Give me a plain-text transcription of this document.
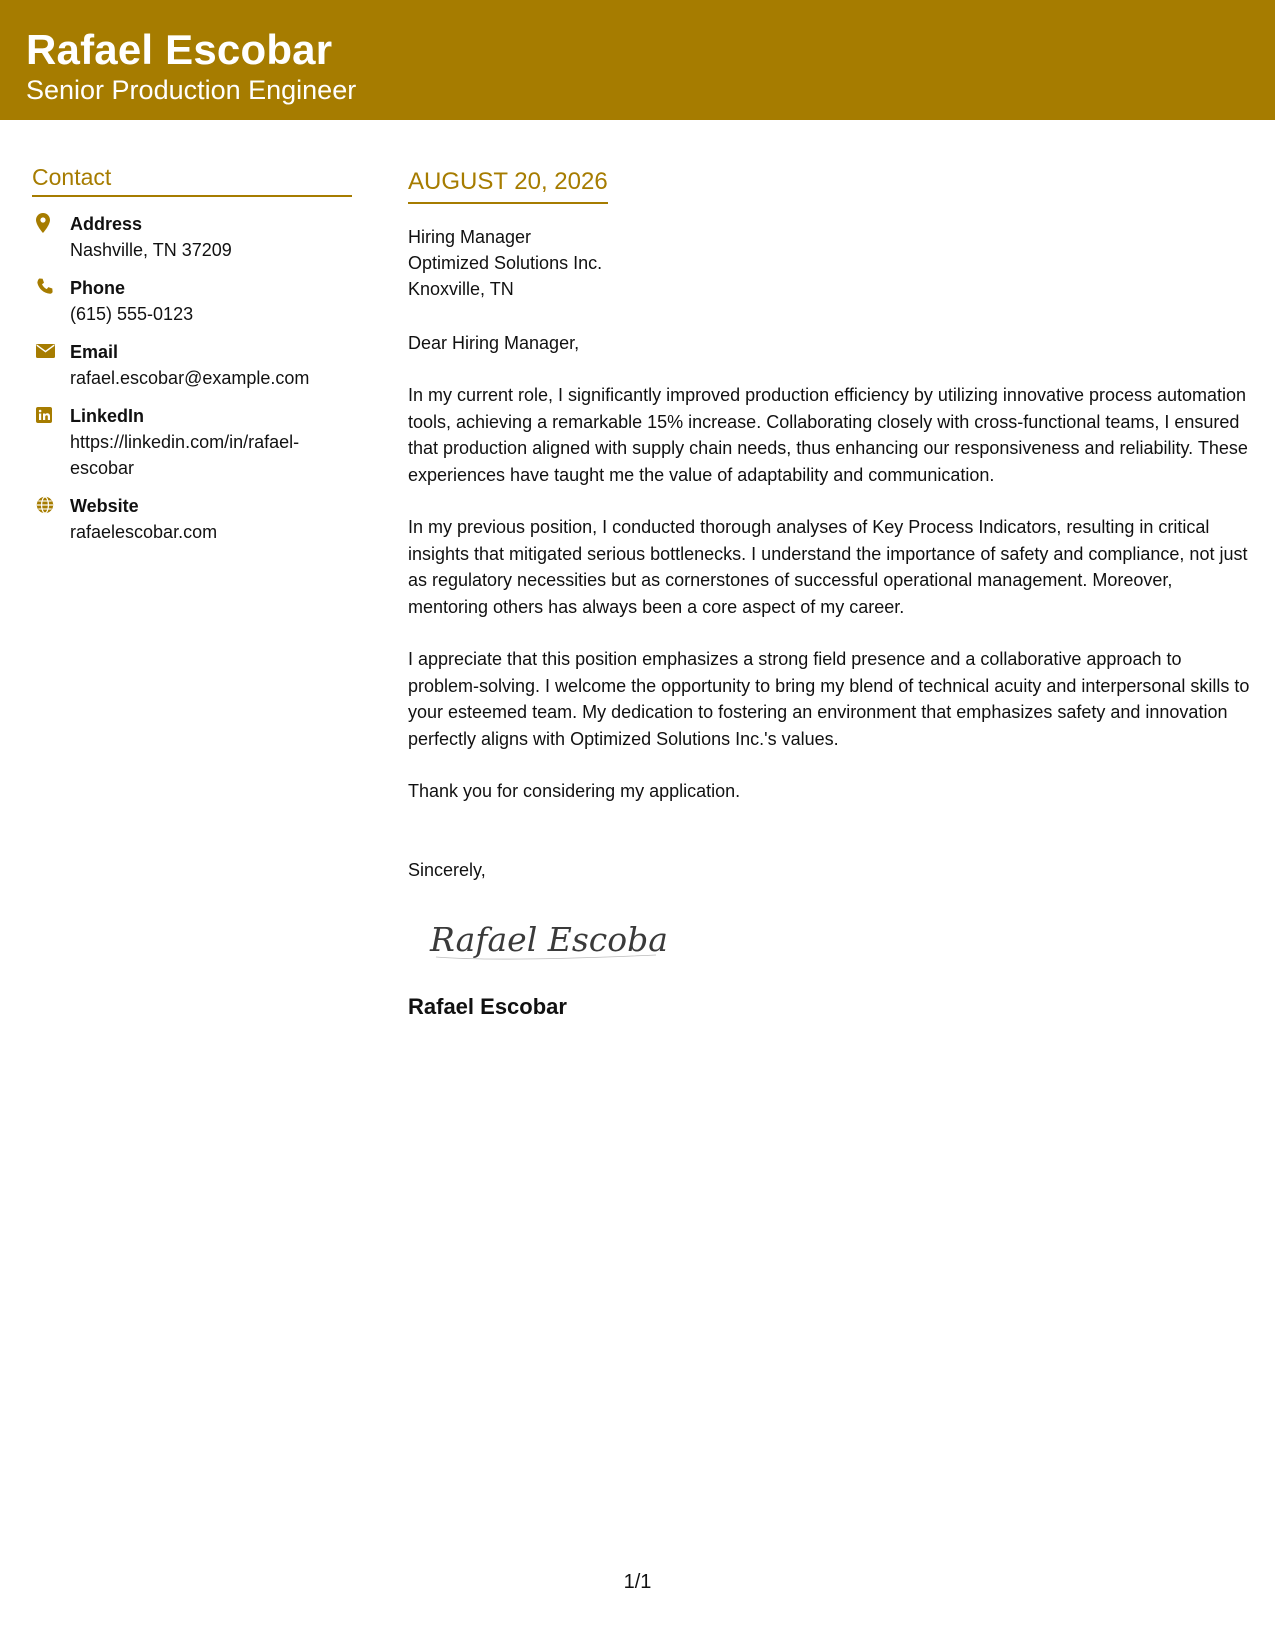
Rafael Escobar
Senior Production Engineer
Contact
Address
Nashville, TN 37209
Phone
(615) 555-0123
Email
rafael.escobar@example.com
LinkedIn
https://linkedin.com/in/rafael-
escobar
Website
rafaelescobar.com
AUGUST 20, 2026
Hiring Manager
Optimized Solutions Inc.
Knoxville, TN
Dear Hiring Manager,
In my current role, I significantly improved production efficiency by utilizing innovative process automation tools, achieving a remarkable 15% increase. Collaborating closely with cross-functional teams, I ensured that production aligned with supply chain needs, thus enhancing our responsiveness and reliability. These experiences have taught me the value of adaptability and communication.
In my previous position, I conducted thorough analyses of Key Process Indicators, resulting in critical insights that mitigated serious bottlenecks. I understand the importance of safety and compliance, not just as regulatory necessities but as cornerstones of successful operational management. Moreover, mentoring others has always been a core aspect of my career.
I appreciate that this position emphasizes a strong field presence and a collaborative approach to problem-solving. I welcome the opportunity to bring my blend of technical acuity and interpersonal skills to your esteemed team. My dedication to fostering an environment that emphasizes safety and innovation perfectly aligns with Optimized Solutions Inc.'s values.
Thank you for considering my application.
Sincerely,
Rafael Escobar
Rafael Escobar
1/1
